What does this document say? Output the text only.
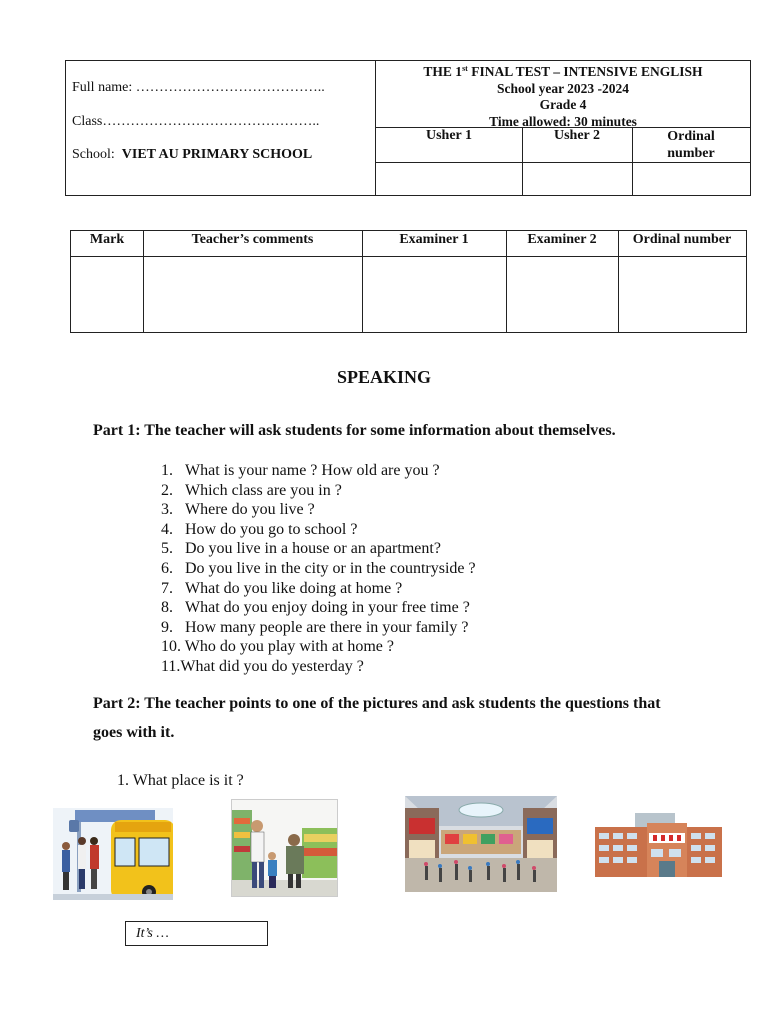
Full name: …………………………………..
Class………………………………………..
School: VIET AU PRIMARY SCHOOL
THE 1st FINAL TEST – INTENSIVE ENGLISH
School year 2023 -2024
Grade 4
Time allowed: 30 minutes
Usher 1	Usher 2	Ordinal
number
Mark	Teacher’s comments	Examiner 1	Examiner 2	Ordinal number
SPEAKING
Part 1: The teacher will ask students for some information about themselves.
1. What is your name ? How old are you ?
2. Which class are you in ?
3. Where do you live ?
4. How do you go to school ?
5. Do you live in a house or an apartment?
6. Do you live in the city or in the countryside ?
7. What do you like doing at home ?
8. What do you enjoy doing in your free time ?
9. How many people are there in your family ?
10. Who do you play with at home ?
11.What did you do yesterday ?
Part 2: The teacher points to one of the pictures and ask students the questions that
goes with it.
1. What place is it ?
It’s …
